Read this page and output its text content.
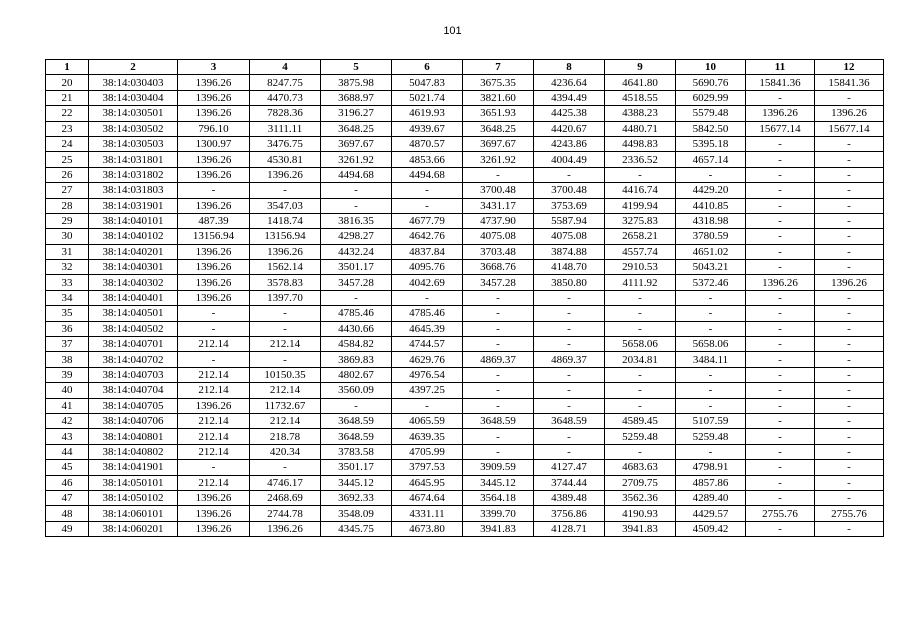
101
1	2	3	4	5	6	7	8	9	10	11	12
20	38:14:030403	1396.26	8247.75	3875.98	5047.83	3675.35	4236.64	4641.80	5690.76	15841.36	15841.36
21	38:14:030404	1396.26	4470.73	3688.97	5021.74	3821.60	4394.49	4518.55	6029.99	-	-
22	38:14:030501	1396.26	7828.36	3196.27	4619.93	3651.93	4425.38	4388.23	5579.48	1396.26	1396.26
23	38:14:030502	796.10	3111.11	3648.25	4939.67	3648.25	4420.67	4480.71	5842.50	15677.14	15677.14
24	38:14:030503	1300.97	3476.75	3697.67	4870.57	3697.67	4243.86	4498.83	5395.18	-	-
25	38:14:031801	1396.26	4530.81	3261.92	4853.66	3261.92	4004.49	2336.52	4657.14	-	-
26	38:14:031802	1396.26	1396.26	4494.68	4494.68	-	-	-	-	-	-
27	38:14:031803	-	-	-	-	3700.48	3700.48	4416.74	4429.20	-	-
28	38:14:031901	1396.26	3547.03	-	-	3431.17	3753.69	4199.94	4410.85	-	-
29	38:14:040101	487.39	1418.74	3816.35	4677.79	4737.90	5587.94	3275.83	4318.98	-	-
30	38:14:040102	13156.94	13156.94	4298.27	4642.76	4075.08	4075.08	2658.21	3780.59	-	-
31	38:14:040201	1396.26	1396.26	4432.24	4837.84	3703.48	3874.88	4557.74	4651.02	-	-
32	38:14:040301	1396.26	1562.14	3501.17	4095.76	3668.76	4148.70	2910.53	5043.21	-	-
33	38:14:040302	1396.26	3578.83	3457.28	4042.69	3457.28	3850.80	4111.92	5372.46	1396.26	1396.26
34	38:14:040401	1396.26	1397.70	-	-	-	-	-	-	-	-
35	38:14:040501	-	-	4785.46	4785.46	-	-	-	-	-	-
36	38:14:040502	-	-	4430.66	4645.39	-	-	-	-	-	-
37	38:14:040701	212.14	212.14	4584.82	4744.57	-	-	5658.06	5658.06	-	-
38	38:14:040702	-	-	3869.83	4629.76	4869.37	4869.37	2034.81	3484.11	-	-
39	38:14:040703	212.14	10150.35	4802.67	4976.54	-	-	-	-	-	-
40	38:14:040704	212.14	212.14	3560.09	4397.25	-	-	-	-	-	-
41	38:14:040705	1396.26	11732.67	-	-	-	-	-	-	-	-
42	38:14:040706	212.14	212.14	3648.59	4065.59	3648.59	3648.59	4589.45	5107.59	-	-
43	38:14:040801	212.14	218.78	3648.59	4639.35	-	-	5259.48	5259.48	-	-
44	38:14:040802	212.14	420.34	3783.58	4705.99	-	-	-	-	-	-
45	38:14:041901	-	-	3501.17	3797.53	3909.59	4127.47	4683.63	4798.91	-	-
46	38:14:050101	212.14	4746.17	3445.12	4645.95	3445.12	3744.44	2709.75	4857.86	-	-
47	38:14:050102	1396.26	2468.69	3692.33	4674.64	3564.18	4389.48	3562.36	4289.40	-	-
48	38:14:060101	1396.26	2744.78	3548.09	4331.11	3399.70	3756.86	4190.93	4429.57	2755.76	2755.76
49	38:14:060201	1396.26	1396.26	4345.75	4673.80	3941.83	4128.71	3941.83	4509.42	-	-
